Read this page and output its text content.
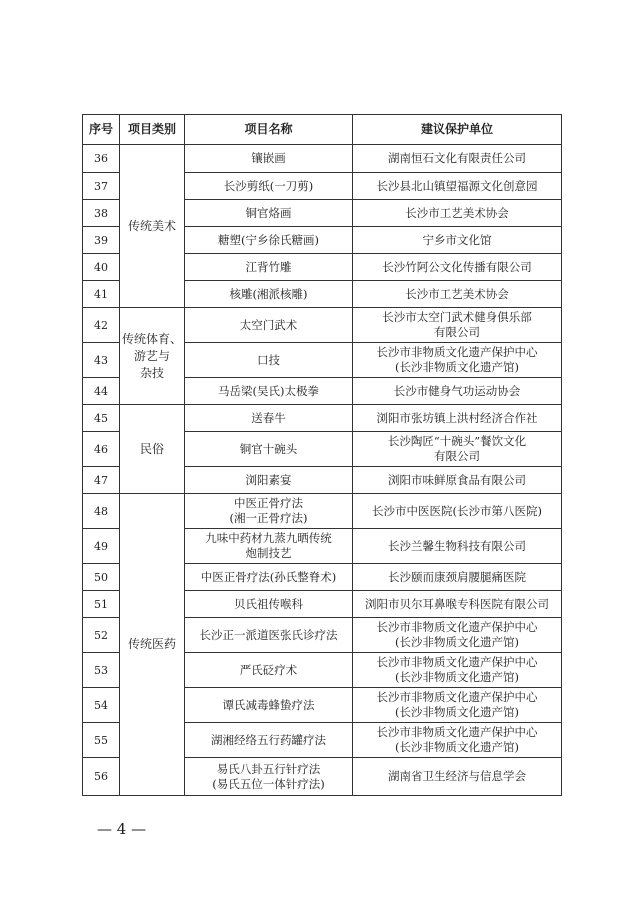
序号	项目类别	项目名称	建议保护单位
36	传统美术	镶嵌画	湖南恒石文化有限责任公司
37		长沙剪纸(一刀剪)	长沙县北山镇望福源文化创意园
38		铜官烙画	长沙市工艺美术协会
39		糖塑(宁乡徐氏糖画)	宁乡市文化馆
40		江背竹雕	长沙竹阿公文化传播有限公司
41		核雕(湘派核雕)	长沙市工艺美术协会
42	传统体育、
游艺与
杂技	太空门武术	长沙市太空门武术健身俱乐部
有限公司
43		口技	长沙市非物质文化遗产保护中心
(长沙非物质文化遗产馆)
44		马岳梁(吴氏)太极拳	长沙市健身气功运动协会
45	民俗	送春牛	浏阳市张坊镇上洪村经济合作社
46		铜官十碗头	长沙陶匠“十碗头”餐饮文化
有限公司
47		浏阳素宴	浏阳市味鲜原食品有限公司
48	传统医药	中医正骨疗法
(湘一正骨疗法)	长沙市中医医院(长沙市第八医院)
49		九味中药材九蒸九晒传统
炮制技艺	长沙兰馨生物科技有限公司
50		中医正骨疗法(孙氏整脊术)	长沙颐而康颈肩腰腿痛医院
51		贝氏祖传喉科	浏阳市贝尔耳鼻喉专科医院有限公司
52		长沙正一派道医张氏诊疗法	长沙市非物质文化遗产保护中心
(长沙非物质文化遗产馆)
53		严氏砭疗术	长沙市非物质文化遗产保护中心
(长沙非物质文化遗产馆)
54		谭氏减毒蜂蛰疗法	长沙市非物质文化遗产保护中心
(长沙非物质文化遗产馆)
55		湖湘经络五行药罐疗法	长沙市非物质文化遗产保护中心
(长沙非物质文化遗产馆)
56		易氏八卦五行针疗法
(易氏五位一体针疗法)	湖南省卫生经济与信息学会
— 4 —
